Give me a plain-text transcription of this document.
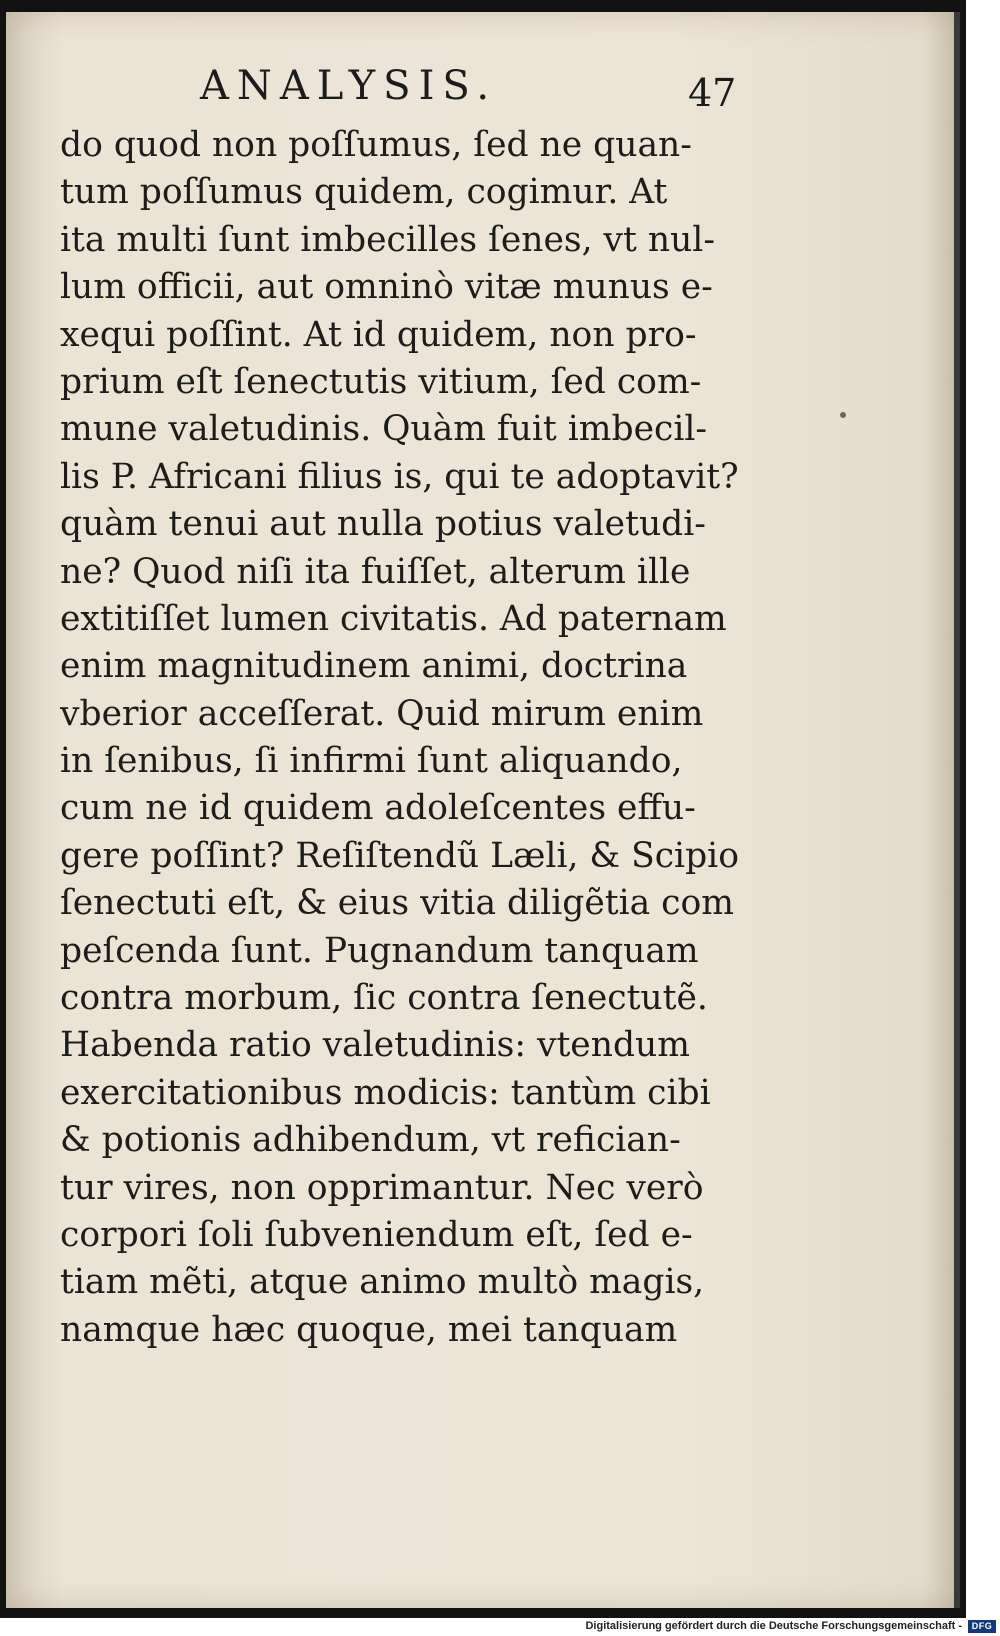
ANALYSIS.	47
do quod non poſſumus, ſed ne quan-
tum poſſumus quidem, cogimur. At
ita multi ſunt imbecilles ſenes, vt nul-
lum officii, aut omninò vitæ munus e-
xequi poſſint. At id quidem, non pro-
prium eſt ſenectutis vitium, ſed com-
mune valetudinis. Quàm fuit imbecil-
lis P. Africani filius is, qui te adoptavit?
quàm tenui aut nulla potius valetudi-
ne? Quod niſi ita fuiſſet, alterum ille
extitiſſet lumen civitatis. Ad paternam
enim magnitudinem animi, doctrina
vberior acceſſerat. Quid mirum enim
in ſenibus, ſi infirmi ſunt aliquando,
cum ne id quidem adoleſcentes effu-
gere poſſint? Reſiſtendũ Læli, & Scipio
ſenectuti eſt, & eius vitia diligẽtia com
peſcenda ſunt. Pugnandum tanquam
contra morbum, ſic contra ſenectutẽ.
Habenda ratio valetudinis: vtendum
exercitationibus modicis: tantùm cibi
& potionis adhibendum, vt refician-
tur vires, non opprimantur. Nec verò
corpori ſoli ſubveniendum eſt, ſed e-
tiam mẽti, atque animo multò magis,
namque hæc quoque, mei tanquam
Digitalisierung gefördert durch die Deutsche Forschungsgemeinschaft -	DFG
